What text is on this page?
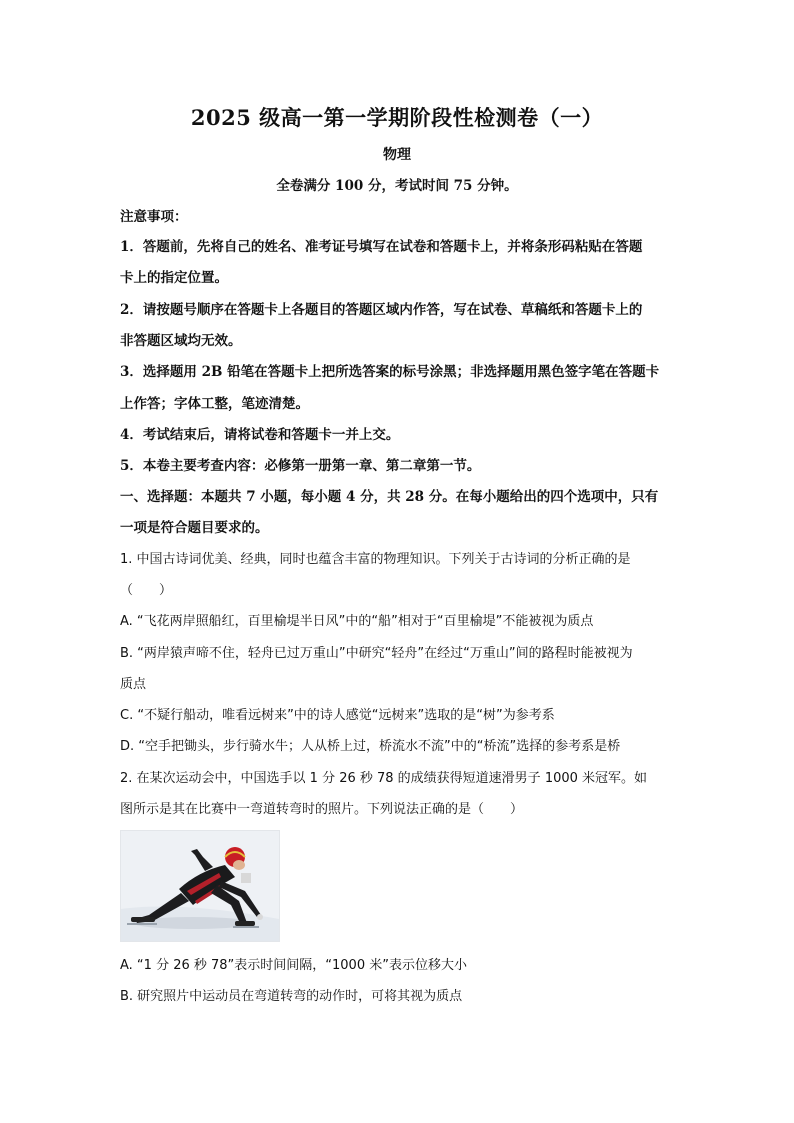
2025 级高一第一学期阶段性检测卷（一）
物理
全卷满分 100 分，考试时间 75 分钟。
注意事项：
1．答题前，先将自己的姓名、准考证号填写在试卷和答题卡上，并将条形码粘贴在答题
卡上的指定位置。
2．请按题号顺序在答题卡上各题目的答题区域内作答，写在试卷、草稿纸和答题卡上的
非答题区域均无效。
3．选择题用 2B 铅笔在答题卡上把所选答案的标号涂黑；非选择题用黑色签字笔在答题卡
上作答；字体工整，笔迹清楚。
4．考试结束后，请将试卷和答题卡一并上交。
5．本卷主要考查内容：必修第一册第一章、第二章第一节。
一、选择题：本题共 7 小题，每小题 4 分，共 28 分。在每小题给出的四个选项中，只有
一项是符合题目要求的。
1. 中国古诗词优美、经典，同时也蕴含丰富的物理知识。下列关于古诗词的分析正确的是
（　　）
A. “飞花两岸照船红，百里榆堤半日风”中的“船”相对于“百里榆堤”不能被视为质点
B. “两岸猿声啼不住，轻舟已过万重山”中研究“轻舟”在经过“万重山”间的路程时能被视为
质点
C. “不疑行船动，唯看远树来”中的诗人感觉“远树来”选取的是“树”为参考系
D. “空手把锄头，步行骑水牛；人从桥上过，桥流水不流”中的“桥流”选择的参考系是桥
2. 在某次运动会中，中国选手以 1 分 26 秒 78 的成绩获得短道速滑男子 1000 米冠军。如
图所示是其在比赛中一弯道转弯时的照片。下列说法正确的是（　　）
A. “1 分 26 秒 78”表示时间间隔，“1000 米”表示位移大小
B. 研究照片中运动员在弯道转弯的动作时，可将其视为质点
